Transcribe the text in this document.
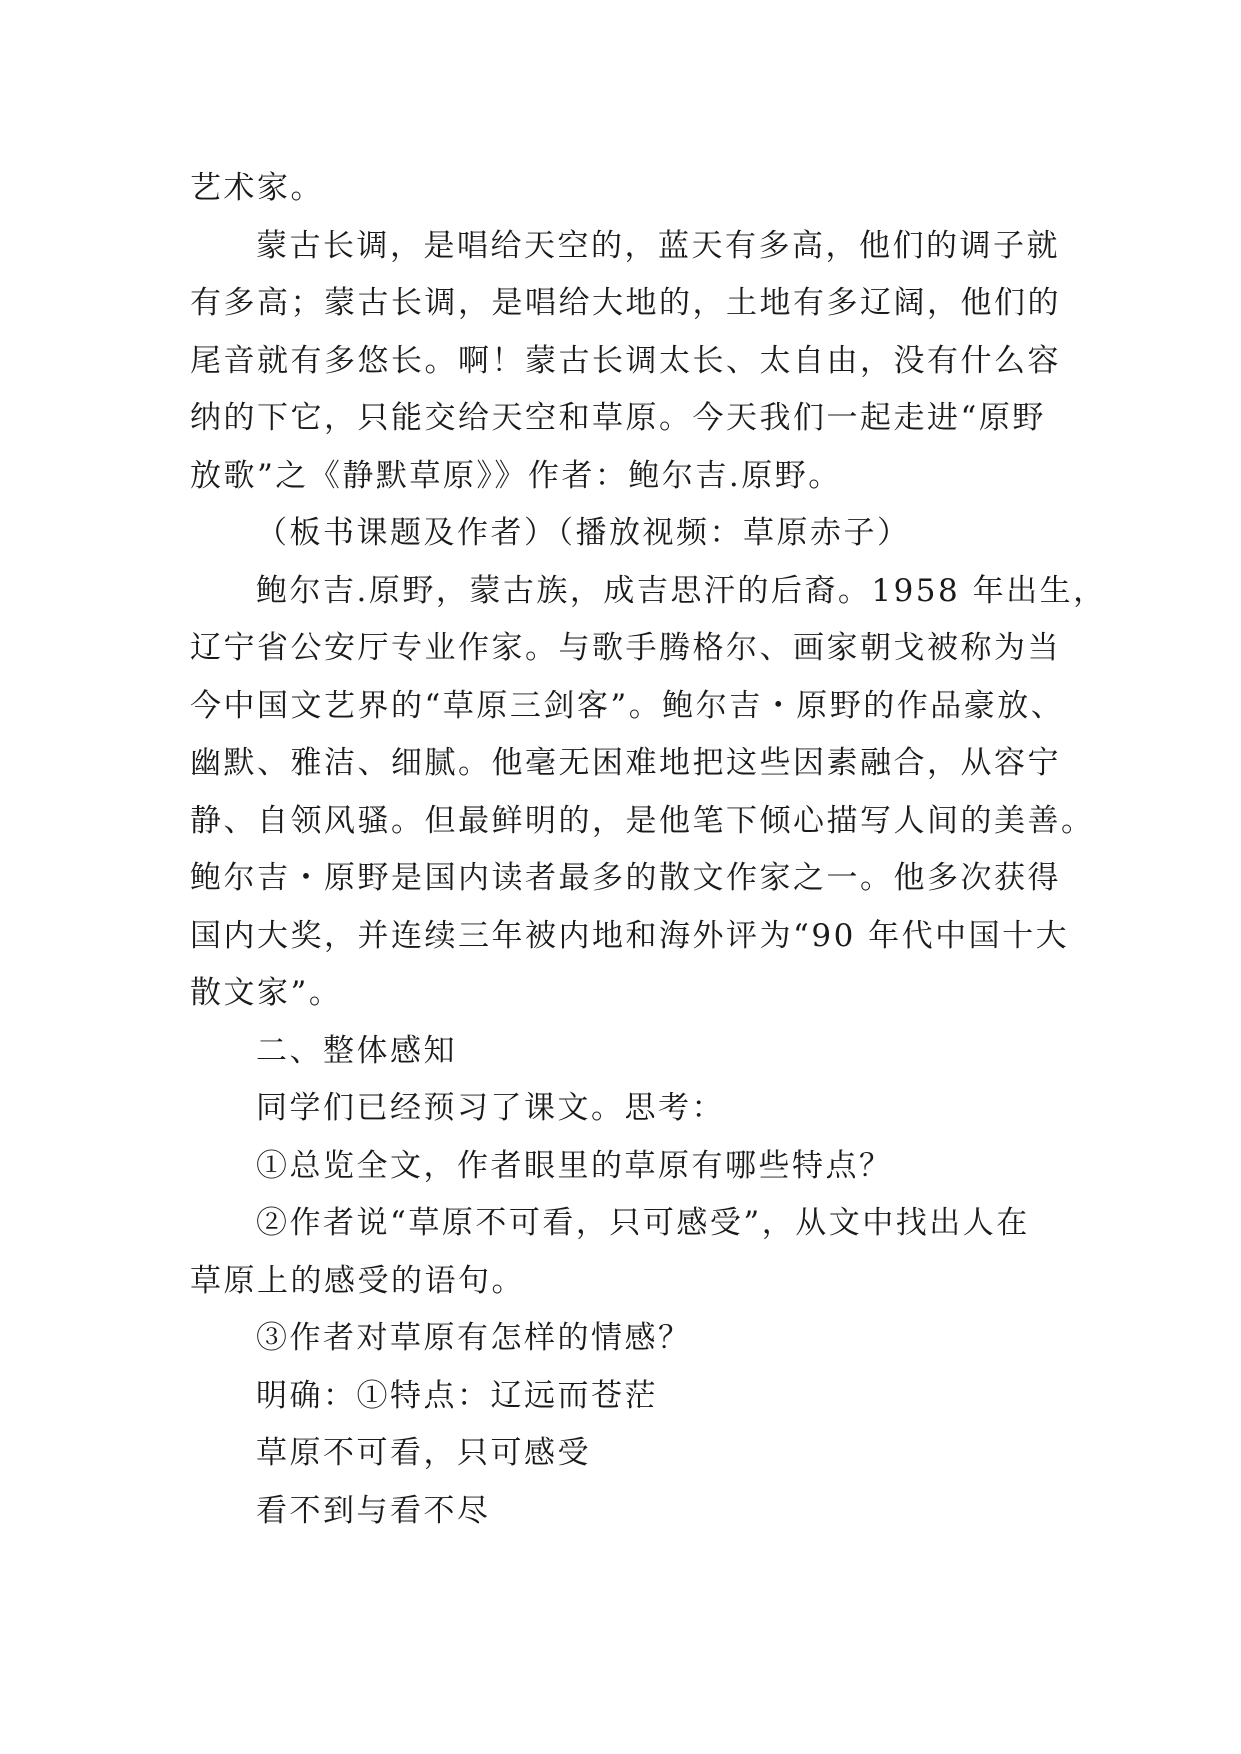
艺术家。
蒙古长调，是唱给天空的，蓝天有多高，他们的调子就
有多高；蒙古长调，是唱给大地的，土地有多辽阔，他们的
尾音就有多悠长。啊！蒙古长调太长、太自由，没有什么容
纳的下它，只能交给天空和草原。今天我们一起走进“原野
放歌”之《静默草原》》作者：鲍尔吉.原野。
（板书课题及作者）（播放视频：草原赤子）
鲍尔吉.原野，蒙古族，成吉思汗的后裔。1958 年出生，
辽宁省公安厅专业作家。与歌手腾格尔、画家朝戈被称为当
今中国文艺界的“草原三剑客”。鲍尔吉・原野的作品豪放、
幽默、雅洁、细腻。他毫无困难地把这些因素融合，从容宁
静、自领风骚。但最鲜明的，是他笔下倾心描写人间的美善。
鲍尔吉・原野是国内读者最多的散文作家之一。他多次获得
国内大奖，并连续三年被内地和海外评为“90 年代中国十大
散文家”。
二、整体感知
同学们已经预习了课文。思考：
①总览全文，作者眼里的草原有哪些特点？
②作者说“草原不可看，只可感受”，从文中找出人在
草原上的感受的语句。
③作者对草原有怎样的情感？
明确：①特点：辽远而苍茫
草原不可看，只可感受
看不到与看不尽
